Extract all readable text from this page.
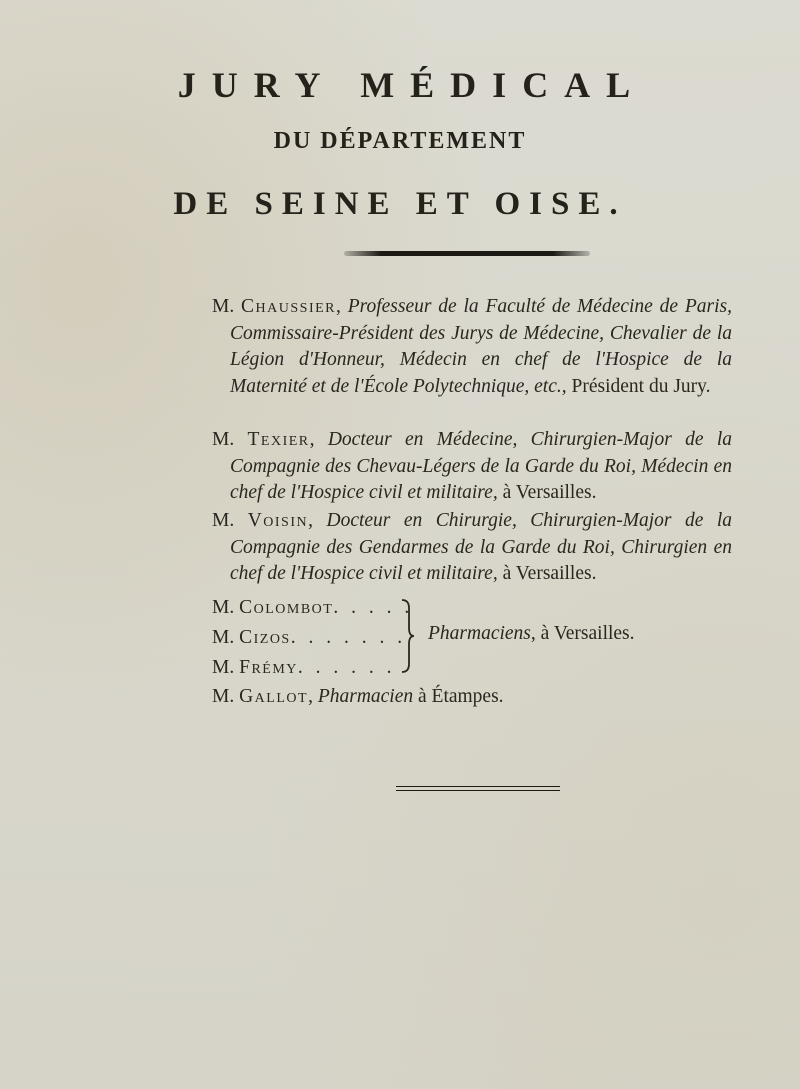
JURY MÉDICAL
DU DÉPARTEMENT
DE SEINE ET OISE.
M. Chaussier, Professeur de la Faculté de Médecine de Paris, Commissaire-Président des Jurys de Médecine, Chevalier de la Légion d'Honneur, Médecin en chef de l'Hospice de la Maternité et de l'École Polytechnique, etc., Président du Jury.
M. Texier, Docteur en Médecine, Chirurgien-Major de la Compagnie des Chevau-Légers de la Garde du Roi, Médecin en chef de l'Hospice civil et militaire, à Versailles.
M. Voisin, Docteur en Chirurgie, Chirurgien-Major de la Compagnie des Gendarmes de la Garde du Roi, Chirurgien en chef de l'Hospice civil et militaire, à Versailles.
M. Colombot. . . . .
M. Cizos. . . . . . .
M. Frémy. . . . . .
Pharmaciens, à Versailles.
M. Gallot, Pharmacien à Étampes.
